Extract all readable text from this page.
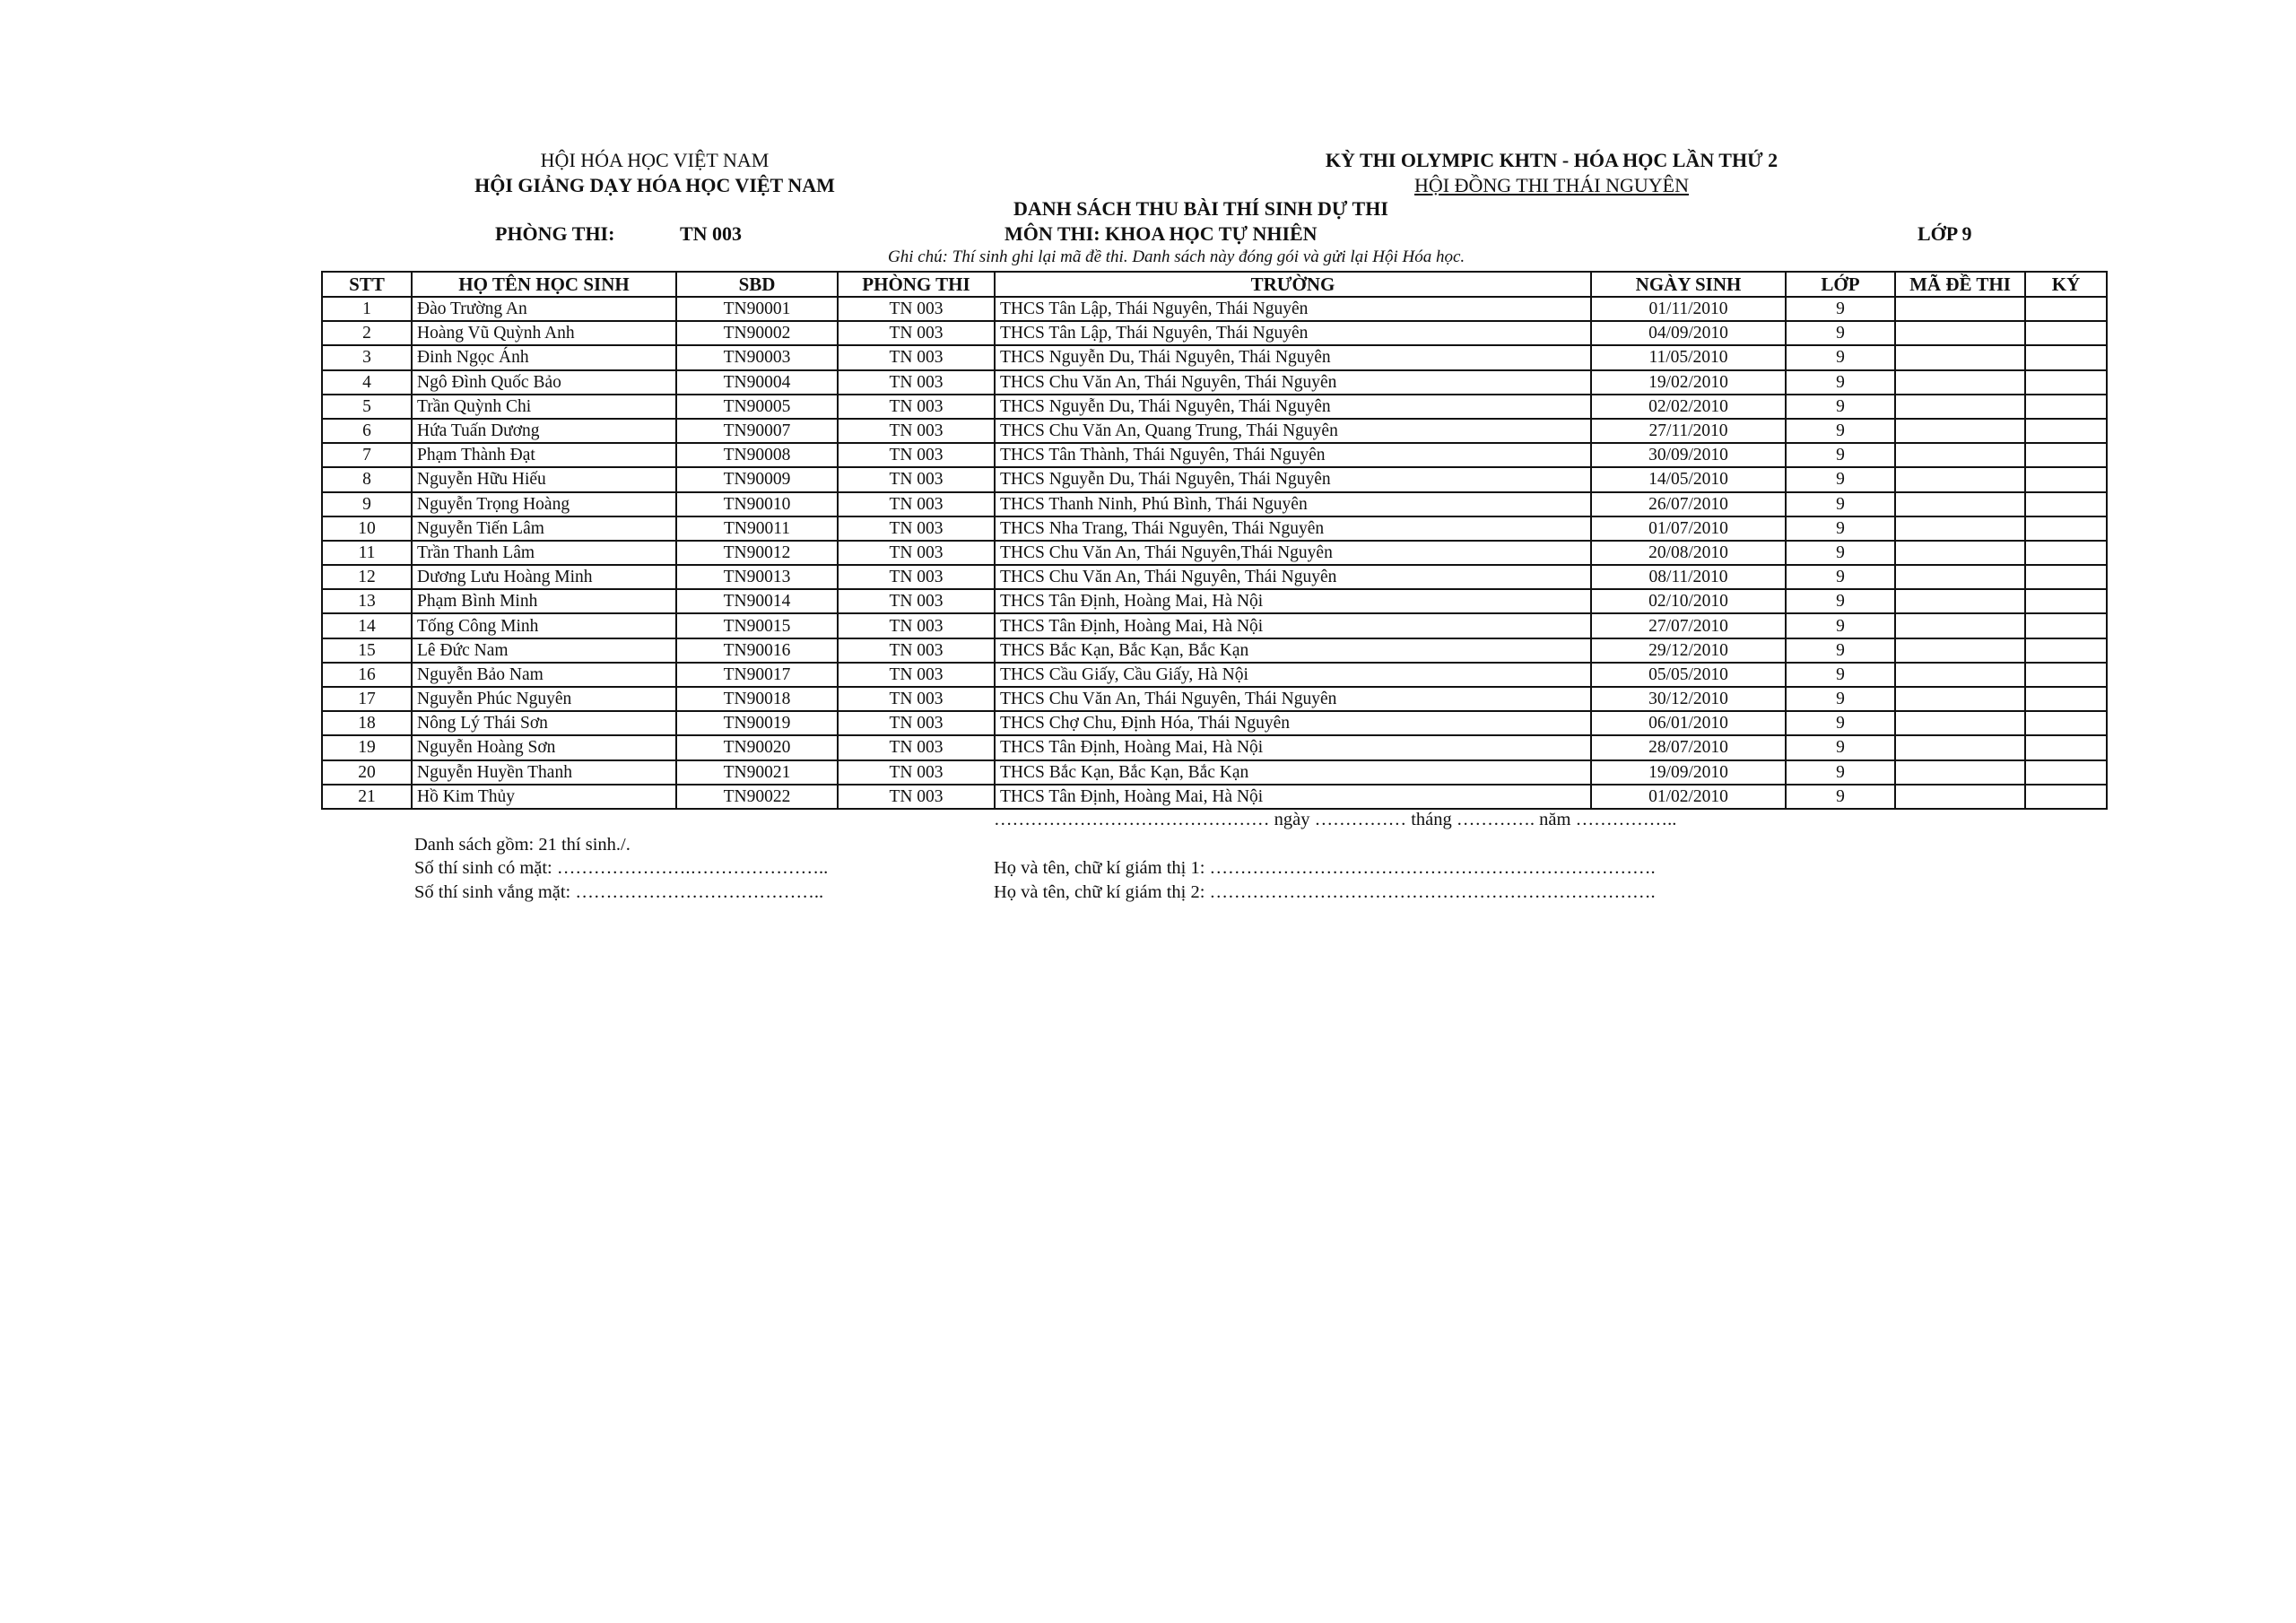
HỘI HÓA HỌC VIỆT NAM
HỘI GIẢNG DẠY HÓA HỌC VIỆT NAM
KỲ THI OLYMPIC KHTN - HÓA HỌC LẦN THỨ 2
HỘI ĐỒNG THI THÁI NGUYÊN
DANH SÁCH THU BÀI THÍ SINH DỰ THI
PHÒNG THI:	TN 003	MÔN THI: KHOA HỌC TỰ NHIÊN	LỚP 9
Ghi chú: Thí sinh ghi lại mã đề thi. Danh sách này đóng gói và gửi lại Hội Hóa học.
STT	HỌ TÊN HỌC SINH	SBD	PHÒNG THI	TRƯỜNG	NGÀY SINH	LỚP	MÃ ĐỀ THI	KÝ
1	Đào Trường An	TN90001	TN 003	THCS Tân Lập, Thái Nguyên, Thái Nguyên	01/11/2010	9		
2	Hoàng Vũ Quỳnh Anh	TN90002	TN 003	THCS Tân Lập, Thái Nguyên, Thái Nguyên	04/09/2010	9		
3	Đinh Ngọc Ánh	TN90003	TN 003	THCS Nguyễn Du, Thái Nguyên, Thái Nguyên	11/05/2010	9		
4	Ngô Đình Quốc Bảo	TN90004	TN 003	THCS Chu Văn An, Thái Nguyên, Thái Nguyên	19/02/2010	9		
5	Trần Quỳnh Chi	TN90005	TN 003	THCS Nguyễn Du, Thái Nguyên, Thái Nguyên	02/02/2010	9		
6	Hứa Tuấn Dương	TN90007	TN 003	THCS Chu Văn An, Quang Trung, Thái Nguyên	27/11/2010	9		
7	Phạm Thành Đạt	TN90008	TN 003	THCS Tân Thành, Thái Nguyên, Thái Nguyên	30/09/2010	9		
8	Nguyễn Hữu Hiếu	TN90009	TN 003	THCS Nguyễn Du, Thái Nguyên, Thái Nguyên	14/05/2010	9		
9	Nguyễn Trọng Hoàng	TN90010	TN 003	THCS Thanh Ninh, Phú Bình, Thái Nguyên	26/07/2010	9		
10	Nguyễn Tiến Lâm	TN90011	TN 003	THCS Nha Trang, Thái Nguyên, Thái Nguyên	01/07/2010	9		
11	Trần Thanh Lâm	TN90012	TN 003	THCS Chu Văn An, Thái Nguyên,Thái Nguyên	20/08/2010	9		
12	Dương Lưu Hoàng Minh	TN90013	TN 003	THCS Chu Văn An, Thái Nguyên, Thái Nguyên	08/11/2010	9		
13	Phạm Bình Minh	TN90014	TN 003	THCS Tân Định, Hoàng Mai, Hà Nội	02/10/2010	9		
14	Tống Công Minh	TN90015	TN 003	THCS Tân Định, Hoàng Mai, Hà Nội	27/07/2010	9		
15	Lê Đức Nam	TN90016	TN 003	THCS Bắc Kạn, Bắc Kạn, Bắc Kạn	29/12/2010	9		
16	Nguyễn Bảo Nam	TN90017	TN 003	THCS Cầu Giấy, Cầu Giấy, Hà Nội	05/05/2010	9		
17	Nguyễn Phúc Nguyên	TN90018	TN 003	THCS Chu Văn An, Thái Nguyên, Thái Nguyên	30/12/2010	9		
18	Nông Lý Thái Sơn	TN90019	TN 003	THCS Chợ Chu, Định Hóa, Thái Nguyên	06/01/2010	9		
19	Nguyễn Hoàng Sơn	TN90020	TN 003	THCS Tân Định, Hoàng Mai, Hà Nội	28/07/2010	9		
20	Nguyễn Huyền Thanh	TN90021	TN 003	THCS Bắc Kạn, Bắc Kạn, Bắc Kạn	19/09/2010	9		
21	Hồ Kim Thủy	TN90022	TN 003	THCS Tân Định, Hoàng Mai, Hà Nội	01/02/2010	9		
……………………………………… ngày …………… tháng …………. năm ……………..
Danh sách gồm: 21 thí sinh./.
Số thí sinh có mặt: ………………….…………………..
Số thí sinh vắng mặt: …………………………………..
Họ và tên, chữ kí giám thị 1: ……………………………………………………………….
Họ và tên, chữ kí giám thị 2: ……………………………………………………………….
